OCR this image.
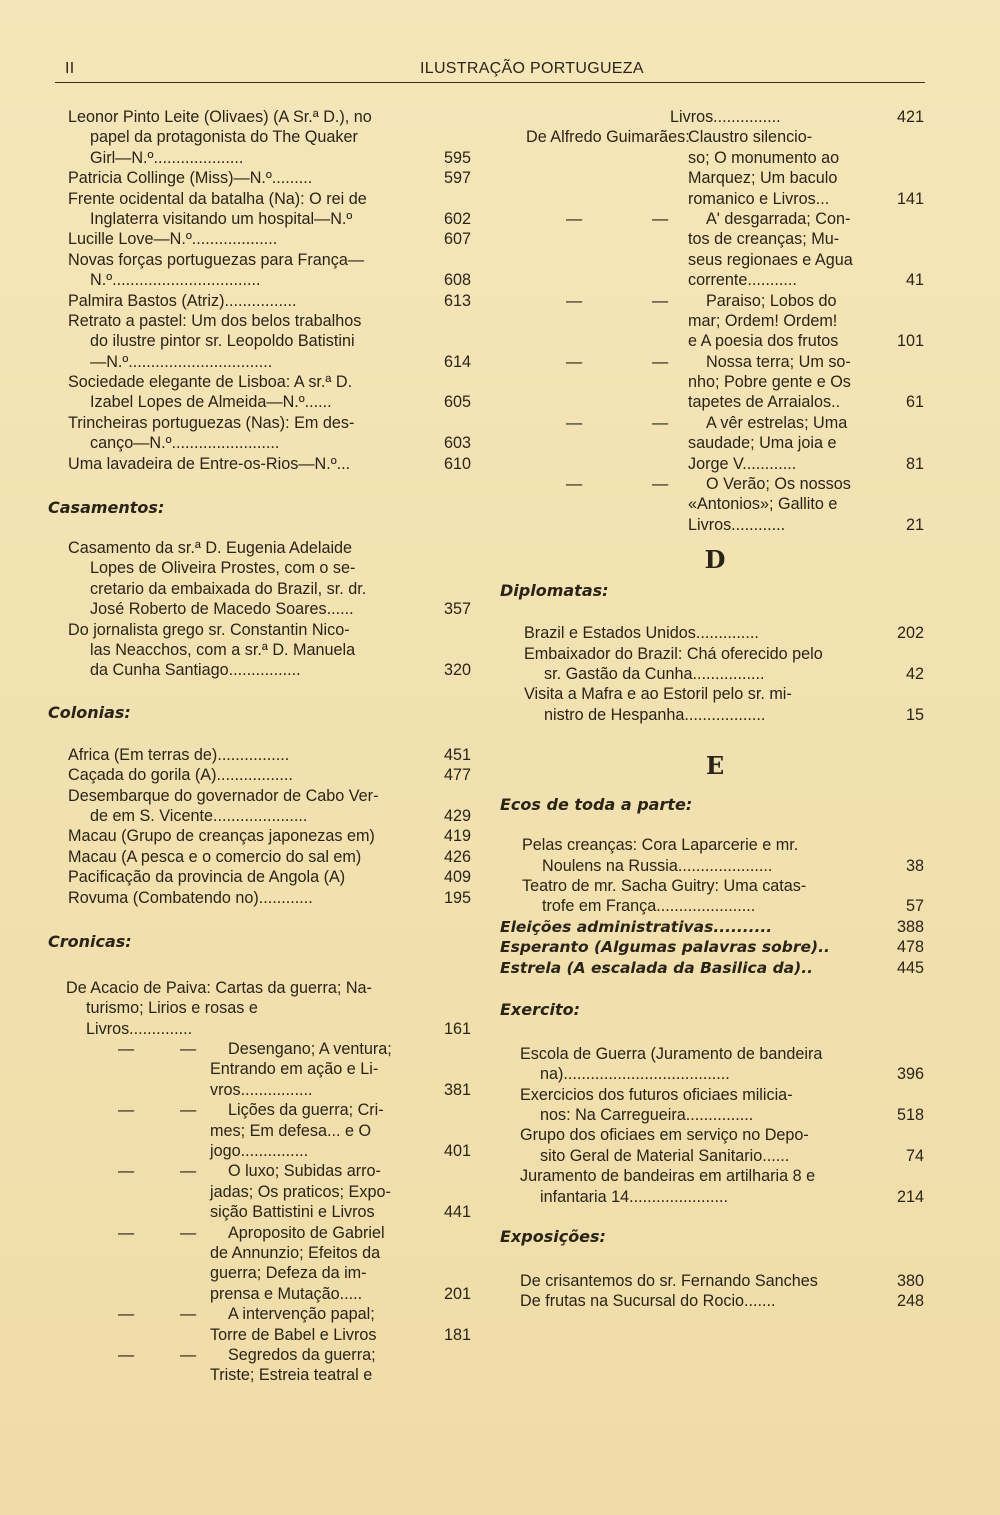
II	ILUSTRAÇÃO PORTUGUEZA
Leonor Pinto Leite (Olivaes) (A Sr.ª D.), no
papel da protagonista do The Quaker
Girl—N.º....................	595
Patricia Collinge (Miss)—N.º.........	597
Frente ocidental da batalha (Na): O rei de
Inglaterra visitando um hospital—N.º	602
Lucille Love—N.º...................	607
Novas forças portuguezas para França—
N.º.................................	608
Palmira Bastos (Atriz)................	613
Retrato a pastel: Um dos belos trabalhos
do ilustre pintor sr. Leopoldo Batistini
—N.º................................	614
Sociedade elegante de Lisboa: A sr.ª D.
Izabel Lopes de Almeida—N.º......	605
Trincheiras portuguezas (Nas): Em des-
canço—N.º........................	603
Uma lavadeira de Entre-os-Rios—N.º...	610
Casamentos:
Casamento da sr.ª D. Eugenia Adelaide
Lopes de Oliveira Prostes, com o se-
cretario da embaixada do Brazil, sr. dr.
José Roberto de Macedo Soares......	357
Do jornalista grego sr. Constantin Nico-
las Neacchos, com a sr.ª D. Manuela
da Cunha Santiago................	320
Colonias:
Africa (Em terras de)................	451
Caçada do gorila (A).................	477
Desembarque do governador de Cabo Ver-
de em S. Vicente.....................	429
Macau (Grupo de creanças japonezas em)	419
Macau (A pesca e o comercio do sal em)	426
Pacificação da provincia de Angola (A)	409
Rovuma (Combatendo no)............	195
Cronicas:
De Acacio de Paiva: Cartas da guerra; Na-
turismo; Lirios e rosas e
Livros..............	161
—	— Desengano; A ventura;
Entrando em ação e Li-
vros................	381
—	— Lições da guerra; Cri-
mes; Em defesa... e O
jogo...............	401
—	— O luxo; Subidas arro-
jadas; Os praticos; Expo-
sição Battistini e Livros	441
—	— Aproposito de Gabriel
de Annunzio; Efeitos da
guerra; Defeza da im-
prensa e Mutação.....	201
—	— A intervenção papal;
Torre de Babel e Livros	181
—	— Segredos da guerra;
Triste; Estreia teatral e
Livros...............	421
De Alfredo Guimarães:
Claustro silencio-
so; O monumento ao
Marquez; Um baculo
romanico e Livros...	141
—	— A' desgarrada; Con-
tos de creanças; Mu-
seus regionaes e Agua
corrente...........	41
—	— Paraiso; Lobos do
mar; Ordem! Ordem!
e A poesia dos frutos	101
—	— Nossa terra; Um so-
nho; Pobre gente e Os
tapetes de Arraialos..	61
—	— A vêr estrelas; Uma
saudade; Uma joia e
Jorge V............	81
—	— O Verão; Os nossos
«Antonios»; Gallito e
Livros............	21
D
Diplomatas:
Brazil e Estados Unidos..............	202
Embaixador do Brazil: Chá oferecido pelo
sr. Gastão da Cunha................	42
Visita a Mafra e ao Estoril pelo sr. mi-
nistro de Hespanha..................	15
E
Ecos de toda a parte:
Pelas creanças: Cora Laparcerie e mr.
Noulens na Russia.....................	38
Teatro de mr. Sacha Guitry: Uma catas-
trofe em França......................	57
Eleições administrativas..........	388
Esperanto (Algumas palavras sobre)..	478
Estrela (A escalada da Basilica da)..	445
Exercito:
Escola de Guerra (Juramento de bandeira
na).....................................	396
Exercicios dos futuros oficiaes milicia-
nos: Na Carregueira...............	518
Grupo dos oficiaes em serviço no Depo-
sito Geral de Material Sanitario......	74
Juramento de bandeiras em artilharia 8 e
infantaria 14......................	214
Exposições:
De crisantemos do sr. Fernando Sanches	380
De frutas na Sucursal do Rocio.......	248
